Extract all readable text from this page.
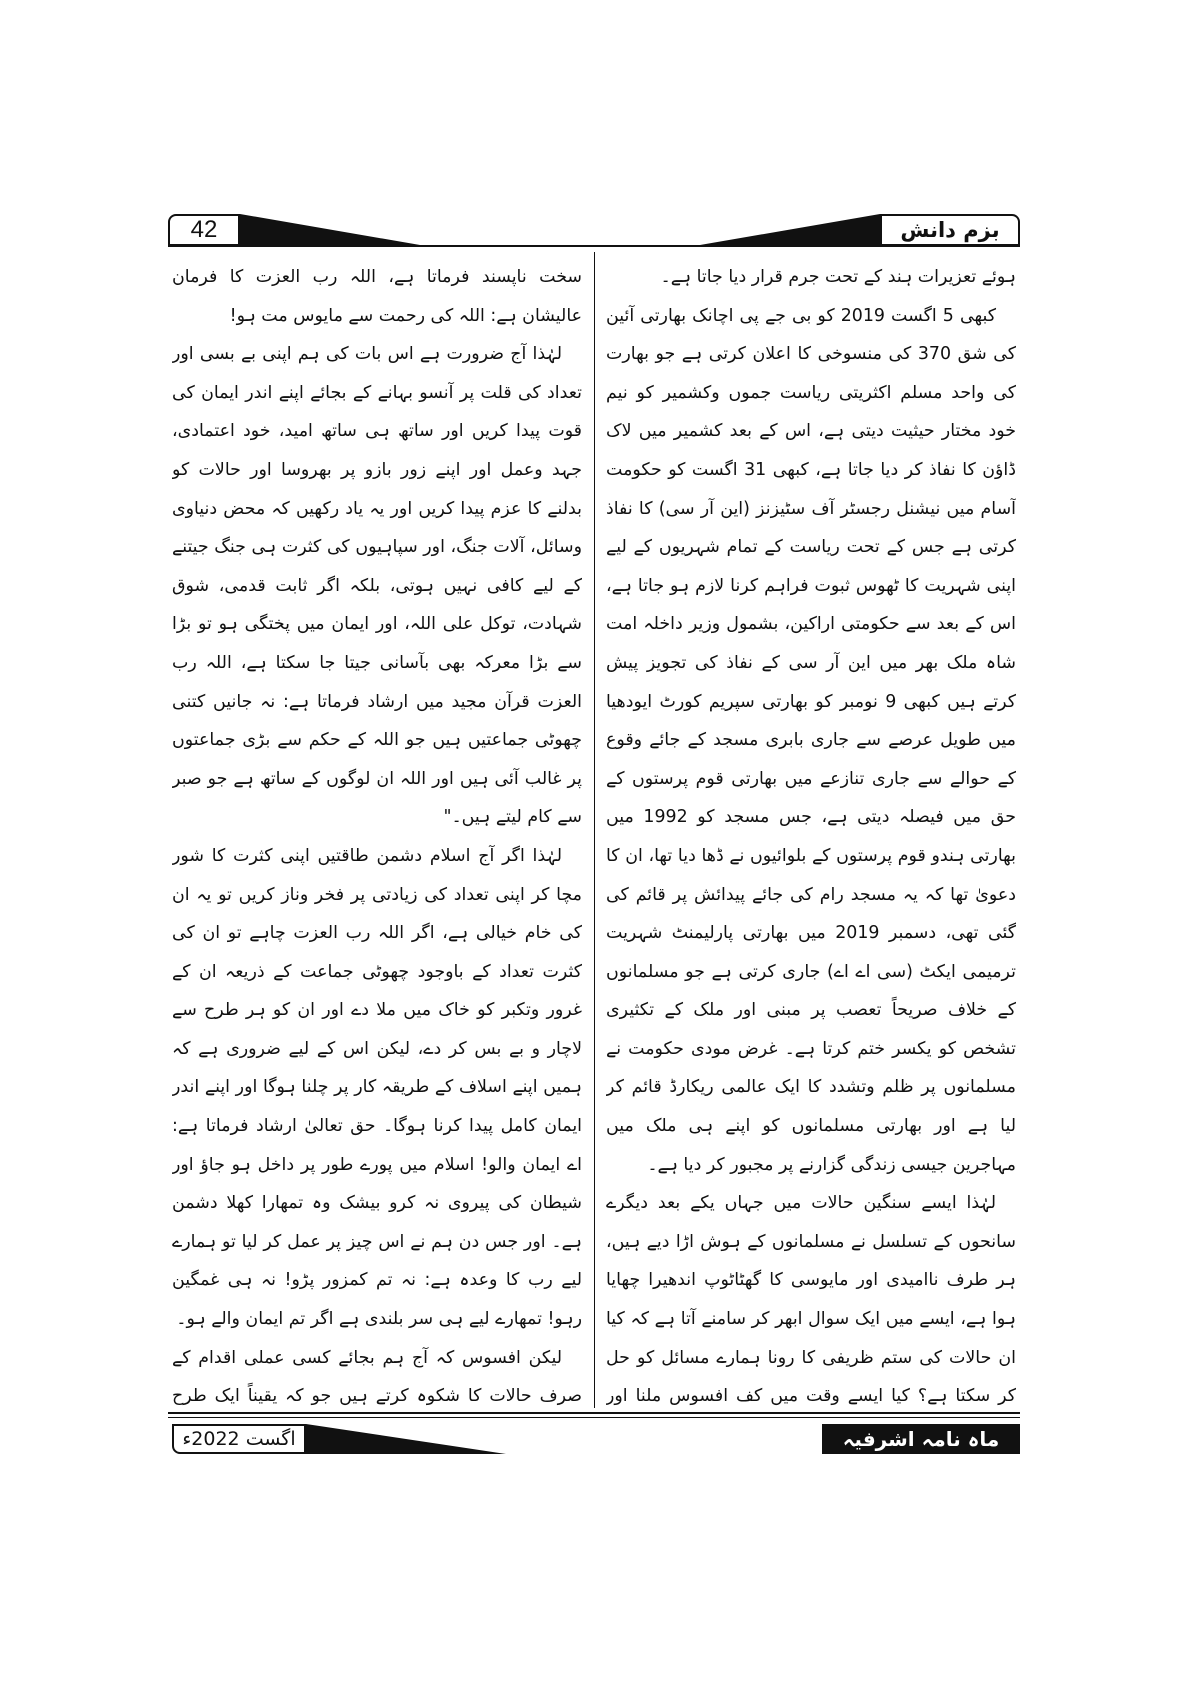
42	بزم دانش

ہوئے تعزیرات ہند کے تحت جرم قرار دیا جاتا ہے۔

کبھی 5 اگست 2019 کو بی جے پی اچانک بھارتی آئین کی شق 370 کی منسوخی کا اعلان کرتی ہے جو بھارت کی واحد مسلم اکثریتی ریاست جموں وکشمیر کو نیم خود مختار حیثیت دیتی ہے، اس کے بعد کشمیر میں لاک ڈاؤن کا نفاذ کر دیا جاتا ہے، کبھی 31 اگست کو حکومت آسام میں نیشنل رجسٹر آف سٹیزنز (این آر سی) کا نفاذ کرتی ہے جس کے تحت ریاست کے تمام شہریوں کے لیے اپنی شہریت کا ٹھوس ثبوت فراہم کرنا لازم ہو جاتا ہے، اس کے بعد سے حکومتی اراکین، بشمول وزیر داخلہ امت شاہ ملک بھر میں این آر سی کے نفاذ کی تجویز پیش کرتے ہیں کبھی 9 نومبر کو بھارتی سپریم کورٹ ایودھیا میں طویل عرصے سے جاری بابری مسجد کے جائے وقوع کے حوالے سے جاری تنازعے میں بھارتی قوم پرستوں کے حق میں فیصلہ دیتی ہے، جس مسجد کو 1992 میں بھارتی ہندو قوم پرستوں کے بلوائیوں نے ڈھا دیا تھا، ان کا دعویٰ تھا کہ یہ مسجد رام کی جائے پیدائش پر قائم کی گئی تھی، دسمبر 2019 میں بھارتی پارلیمنٹ شہریت ترمیمی ایکٹ (سی اے اے) جاری کرتی ہے جو مسلمانوں کے خلاف صریحاً تعصب پر مبنی اور ملک کے تکثیری تشخص کو یکسر ختم کرتا ہے۔ غرض مودی حکومت نے مسلمانوں پر ظلم وتشدد کا ایک عالمی ریکارڈ قائم کر لیا ہے اور بھارتی مسلمانوں کو اپنے ہی ملک میں مہاجرین جیسی زندگی گزارنے پر مجبور کر دیا ہے۔

لہٰذا ایسے سنگین حالات میں جہاں یکے بعد دیگرے سانحوں کے تسلسل نے مسلمانوں کے ہوش اڑا دیے ہیں، ہر طرف ناامیدی اور مایوسی کا گھٹاٹوپ اندھیرا چھایا ہوا ہے، ایسے میں ایک سوال ابھر کر سامنے آتا ہے کہ کیا ان حالات کی ستم ظریفی کا رونا ہمارے مسائل کو حل کر سکتا ہے؟ کیا ایسے وقت میں کف افسوس ملنا اور

سخت ناپسند فرماتا ہے، اللہ رب العزت کا فرمان عالیشان ہے: اللہ کی رحمت سے مایوس مت ہو!

لہٰذا آج ضرورت ہے اس بات کی ہم اپنی بے بسی اور تعداد کی قلت پر آنسو بہانے کے بجائے اپنے اندر ایمان کی قوت پیدا کریں اور ساتھ ہی ساتھ امید، خود اعتمادی، جہد وعمل اور اپنے زور بازو پر بھروسا اور حالات کو بدلنے کا عزم پیدا کریں اور یہ یاد رکھیں کہ محض دنیاوی وسائل، آلات جنگ، اور سپاہیوں کی کثرت ہی جنگ جیتنے کے لیے کافی نہیں ہوتی، بلکہ اگر ثابت قدمی، شوق شہادت، توکل علی اللہ، اور ایمان میں پختگی ہو تو بڑا سے بڑا معرکہ بھی بآسانی جیتا جا سکتا ہے، اللہ رب العزت قرآن مجید میں ارشاد فرماتا ہے: نہ جانیں کتنی چھوٹی جماعتیں ہیں جو اللہ کے حکم سے بڑی جماعتوں پر غالب آئی ہیں اور اللہ ان لوگوں کے ساتھ ہے جو صبر سے کام لیتے ہیں۔"

لہٰذا اگر آج اسلام دشمن طاقتیں اپنی کثرت کا شور مچا کر اپنی تعداد کی زیادتی پر فخر وناز کریں تو یہ ان کی خام خیالی ہے، اگر اللہ رب العزت چاہے تو ان کی کثرت تعداد کے باوجود چھوٹی جماعت کے ذریعہ ان کے غرور وتکبر کو خاک میں ملا دے اور ان کو ہر طرح سے لاچار و بے بس کر دے، لیکن اس کے لیے ضروری ہے کہ ہمیں اپنے اسلاف کے طریقہ کار پر چلنا ہوگا اور اپنے اندر ایمان کامل پیدا کرنا ہوگا۔ حق تعالیٰ ارشاد فرماتا ہے: اے ایمان والو! اسلام میں پورے طور پر داخل ہو جاؤ اور شیطان کی پیروی نہ کرو بیشک وہ تمھارا کھلا دشمن ہے۔ اور جس دن ہم نے اس چیز پر عمل کر لیا تو ہمارے لیے رب کا وعدہ ہے: نہ تم کمزور پڑو! نہ ہی غمگین رہو! تمھارے لیے ہی سر بلندی ہے اگر تم ایمان والے ہو۔

لیکن افسوس کہ آج ہم بجائے کسی عملی اقدام کے صرف حالات کا شکوہ کرتے ہیں جو کہ یقیناً ایک طرح

اگست 2022ء	ماہ نامہ اشرفیہ
